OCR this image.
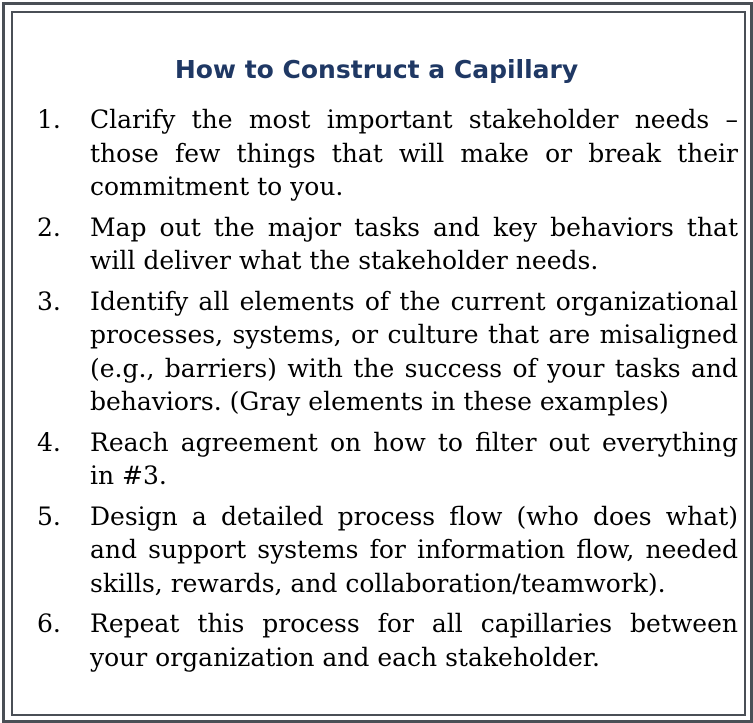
How to Construct a Capillary
1.	Clarify the most important stakeholder needs – those few things that will make or break their commitment to you.
2.	Map out the major tasks and key behaviors that will deliver what the stakeholder needs.
3.	Identify all elements of the current organizational processes, systems, or culture that are misaligned (e.g., barriers) with the success of your tasks and behaviors. (Gray elements in these examples)
4.	Reach agreement on how to filter out everything in #3.
5.	Design a detailed process flow (who does what) and support systems for information flow, needed skills, rewards, and collaboration/teamwork).
6.	Repeat this process for all capillaries between your organization and each stakeholder.
